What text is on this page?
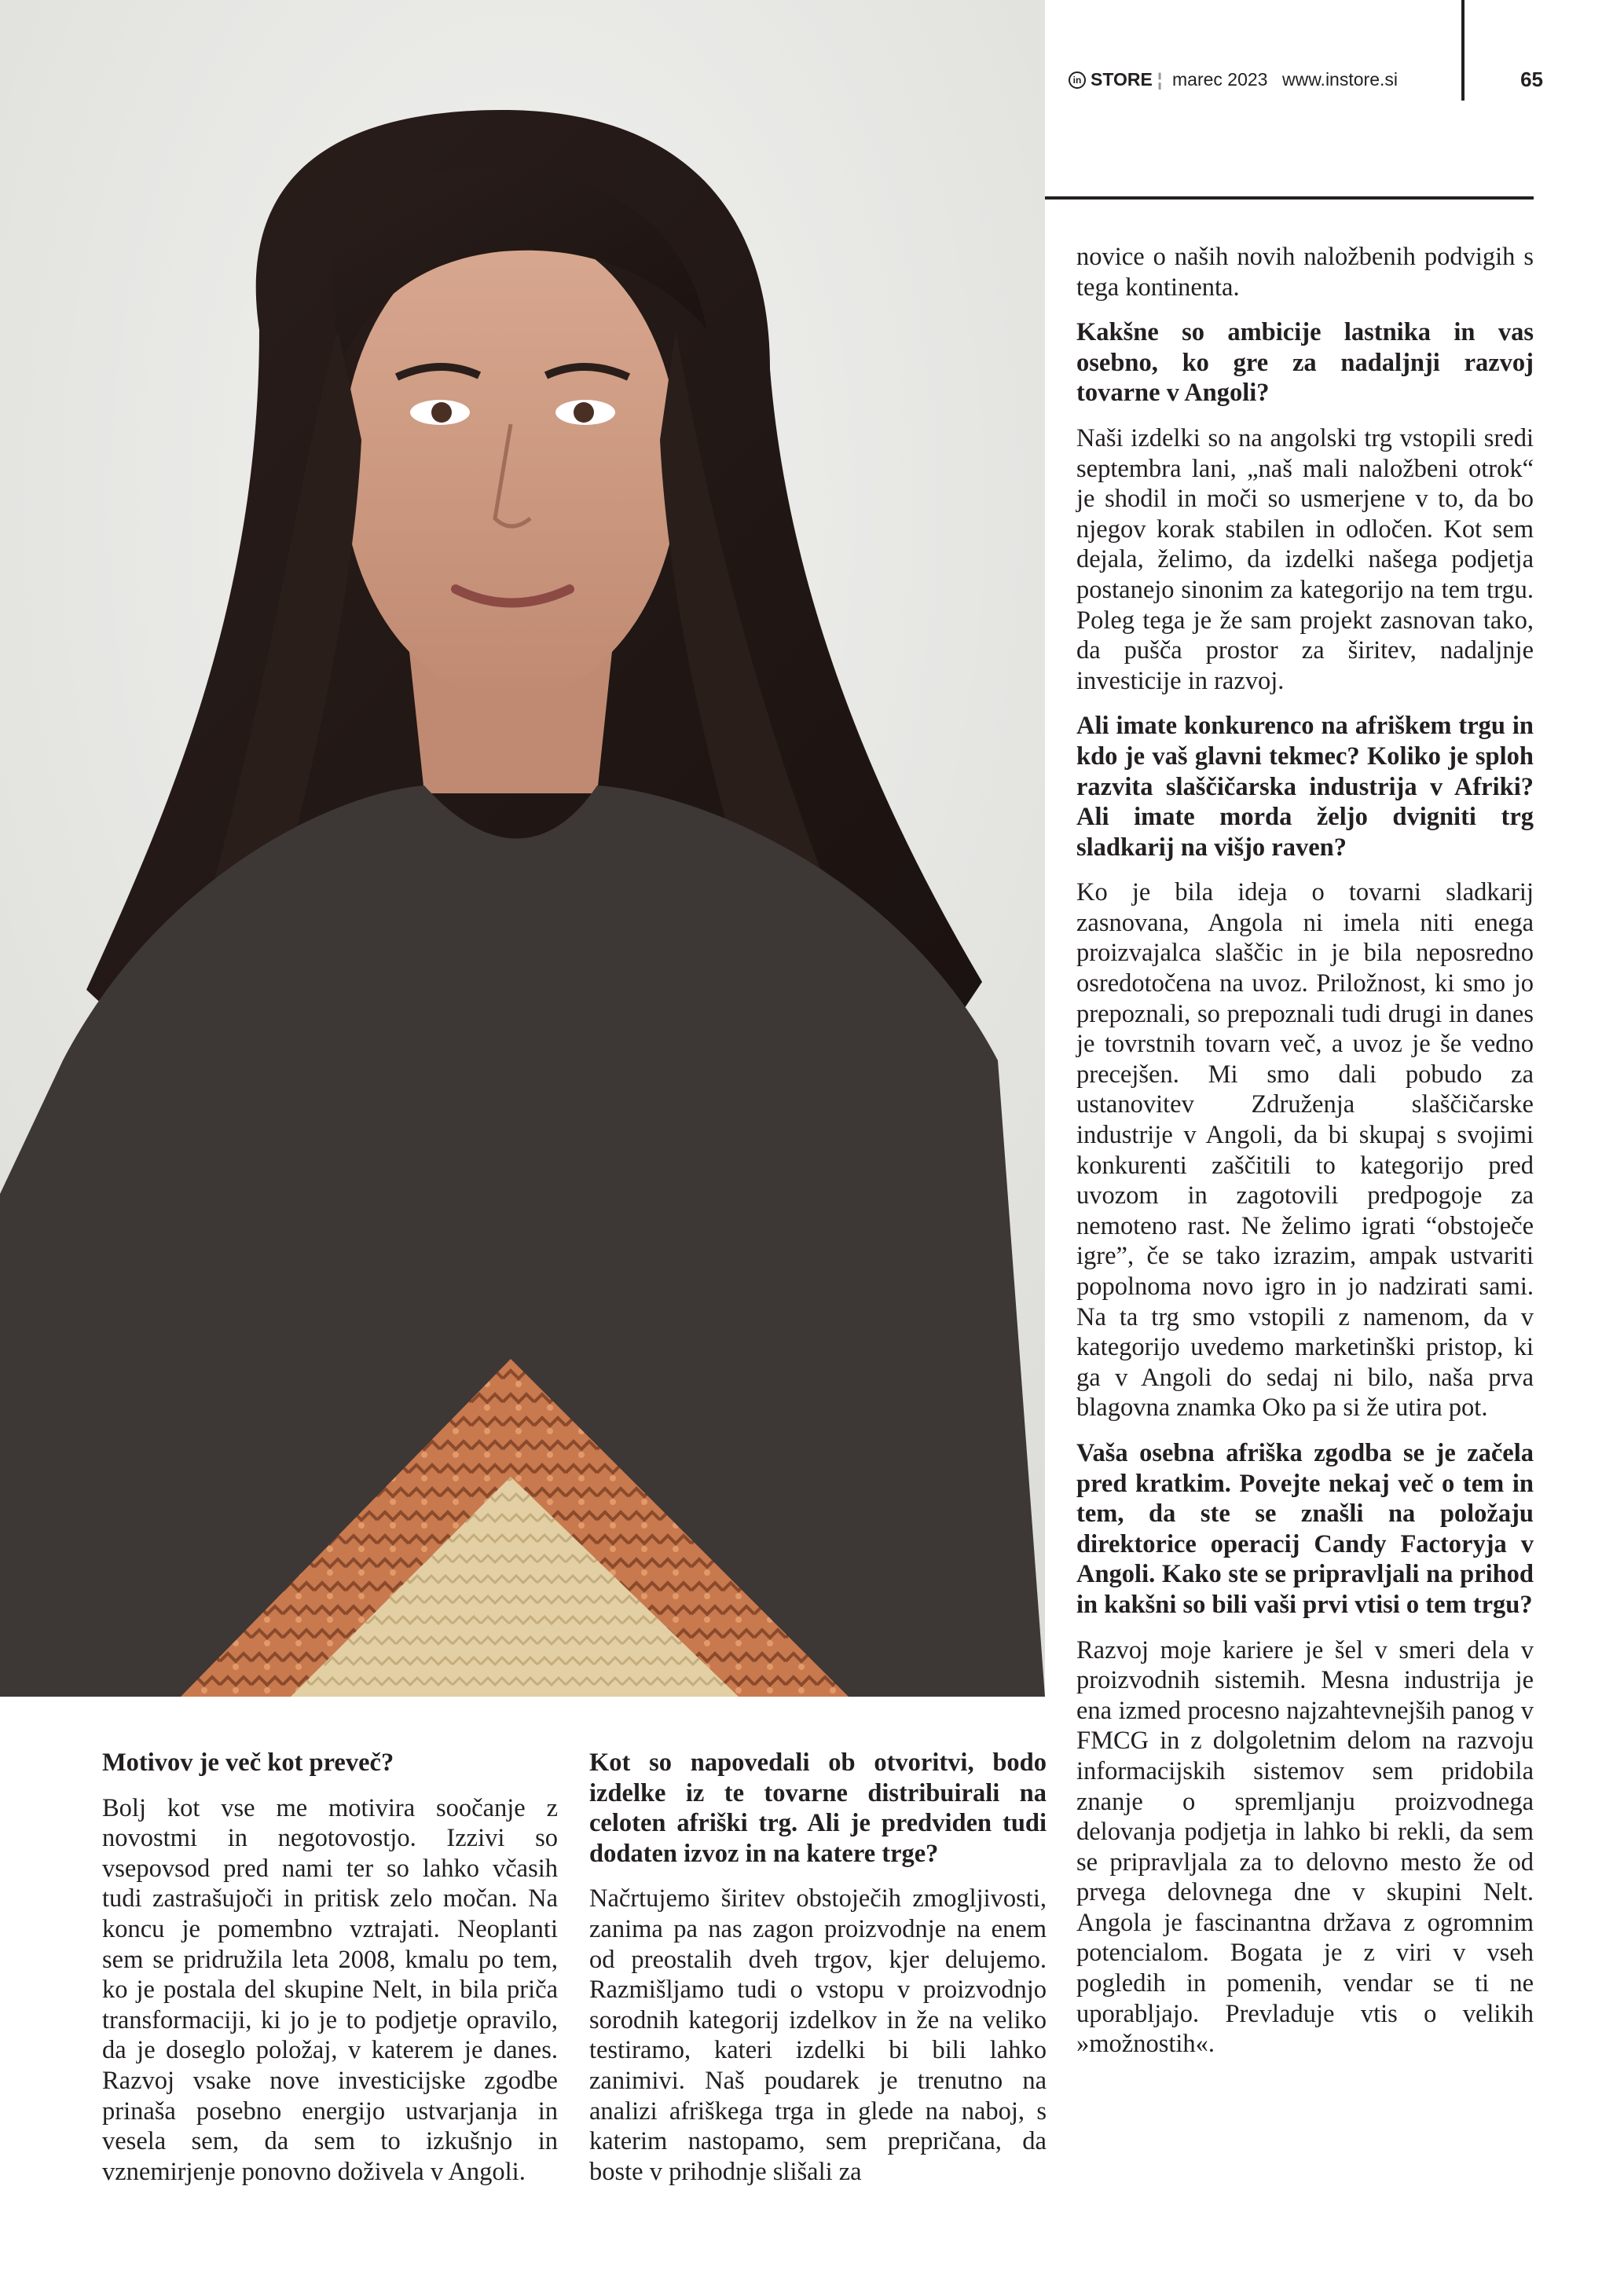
in STORE ¦ marec 2023 www.instore.si	65

novice o naših novih naložbenih podvigih s tega kontinenta.

Kakšne so ambicije lastnika in vas osebno, ko gre za nadaljnji razvoj tovarne v Angoli?

Naši izdelki so na angolski trg vstopili sredi septembra lani, „naš mali naložbeni otrok“ je shodil in moči so usmerjene v to, da bo njegov korak stabilen in odločen. Kot sem dejala, želimo, da izdelki našega podjetja postanejo sinonim za kategorijo na tem trgu. Poleg tega je že sam projekt zasnovan tako, da pušča prostor za širitev, nadaljnje investicije in razvoj.

Ali imate konkurenco na afriškem trgu in kdo je vaš glavni tekmec? Koliko je sploh razvita slaščičarska industrija v Afriki? Ali imate morda željo dvigniti trg sladkarij na višjo raven?

Ko je bila ideja o tovarni sladkarij zasnovana, Angola ni imela niti enega proizvajalca slaščic in je bila neposredno osredotočena na uvoz. Priložnost, ki smo jo prepoznali, so prepoznali tudi drugi in danes je tovrstnih tovarn več, a uvoz je še vedno precejšen. Mi smo dali pobudo za ustanovitev Združenja slaščičarske industrije v Angoli, da bi skupaj s svojimi konkurenti zaščitili to kategorijo pred uvozom in zagotovili predpogoje za nemoteno rast. Ne želimo igrati “obstoječe igre”, če se tako izrazim, ampak ustvariti popolnoma novo igro in jo nadzirati sami. Na ta trg smo vstopili z namenom, da v kategorijo uvedemo marketinški pristop, ki ga v Angoli do sedaj ni bilo, naša prva blagovna znamka Oko pa si že utira pot.

Vaša osebna afriška zgodba se je začela pred kratkim. Povejte nekaj več o tem in tem, da ste se znašli na položaju direktorice operacij Candy Factoryja v Angoli. Kako ste se pripravljali na prihod in kakšni so bili vaši prvi vtisi o tem trgu?

Razvoj moje kariere je šel v smeri dela v proizvodnih sistemih. Mesna industrija je ena izmed procesno najzahtevnejših panog v FMCG in z dolgoletnim delom na razvoju informacijskih sistemov sem pridobila znanje o spremljanju proizvodnega delovanja podjetja in lahko bi rekli, da sem se pripravljala za to delovno mesto že od prvega delovnega dne v skupini Nelt. Angola je fascinantna država z ogromnim potencialom. Bogata je z viri v vseh pogledih in pomenih, vendar se ti ne uporabljajo. Prevladuje vtis o velikih »možnostih«.

Motivov je več kot preveč?

Bolj kot vse me motivira soočanje z novostmi in negotovostjo. Izzivi so vsepovsod pred nami ter so lahko včasih tudi zastrašujoči in pritisk zelo močan. Na koncu je pomembno vztrajati. Neoplanti sem se pridružila leta 2008, kmalu po tem, ko je postala del skupine Nelt, in bila priča transformaciji, ki jo je to podjetje opravilo, da je doseglo položaj, v katerem je danes. Razvoj vsake nove investicijske zgodbe prinaša posebno energijo ustvarjanja in vesela sem, da sem to izkušnjo in vznemirjenje ponovno doživela v Angoli.

Kot so napovedali ob otvoritvi, bodo izdelke iz te tovarne distribuirali na celoten afriški trg. Ali je predviden tudi dodaten izvoz in na katere trge?

Načrtujemo širitev obstoječih zmogljivosti, zanima pa nas zagon proizvodnje na enem od preostalih dveh trgov, kjer delujemo. Razmišljamo tudi o vstopu v proizvodnjo sorodnih kategorij izdelkov in že na veliko testiramo, kateri izdelki bi bili lahko zanimivi. Naš poudarek je trenutno na analizi afriškega trga in glede na naboj, s katerim nastopamo, sem prepričana, da boste v prihodnje slišali za
